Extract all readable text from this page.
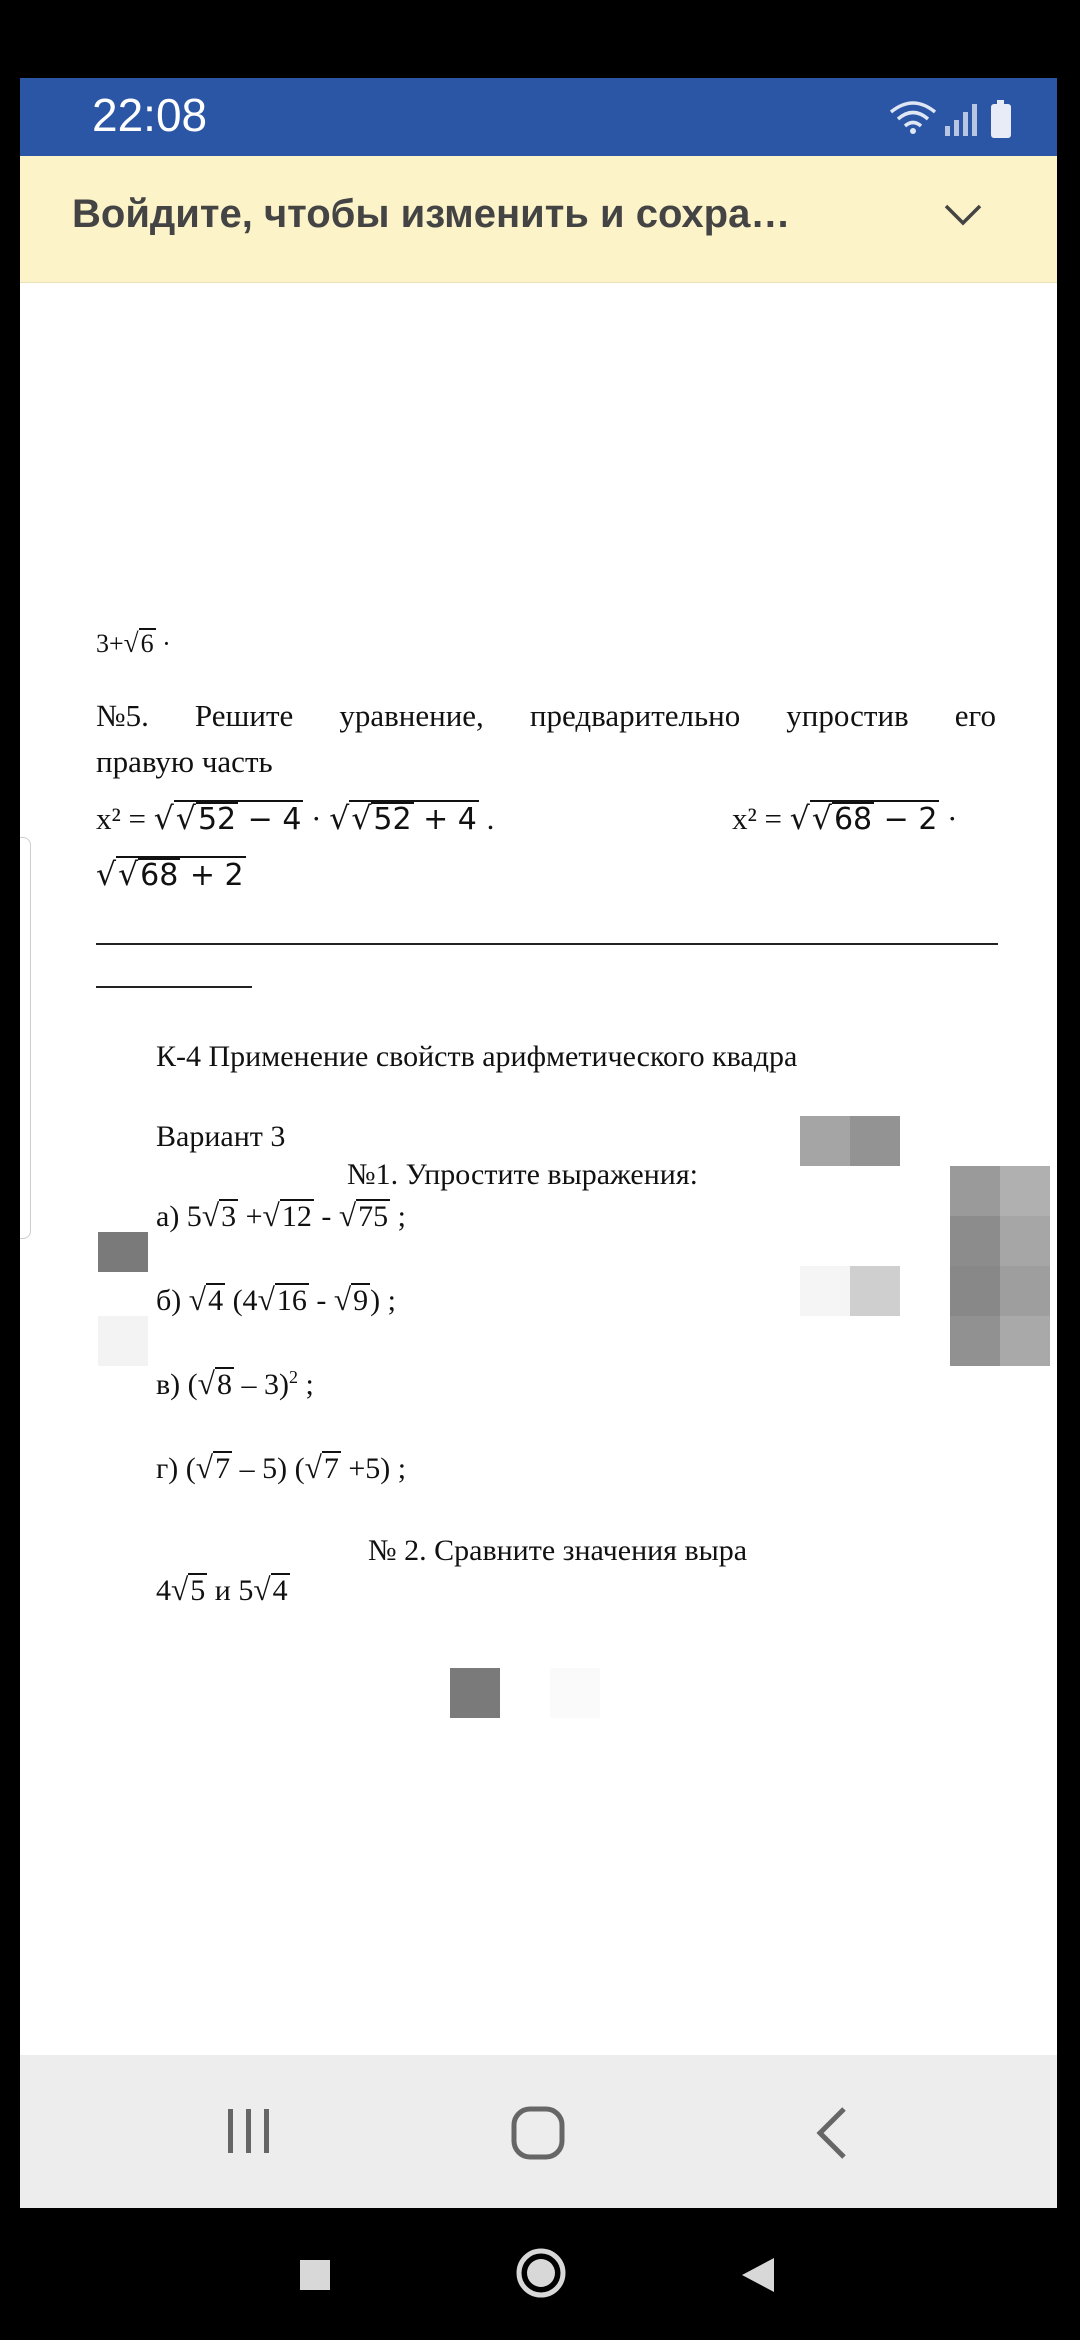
22:08
Войдите, чтобы изменить и сохра…
3+√6 ·
№5. Решите уравнение, предварительно упростив его
правую часть
x² = √√52 − 4 · √√52 + 4 .	x² = √√68 − 2 ·
√√68 + 2
К-4 Применение свойств арифметического квадра
Вариант 3
№1. Упростите выражения:
а) 5√3 +√12 - √75 ;
б) √4 (4√16 - √9) ;
в) (√8 – 3)$^2$ ;
г) (√7 – 5) (√7 +5) ;
№ 2. Сравните значения выра
4√5 и 5√4
